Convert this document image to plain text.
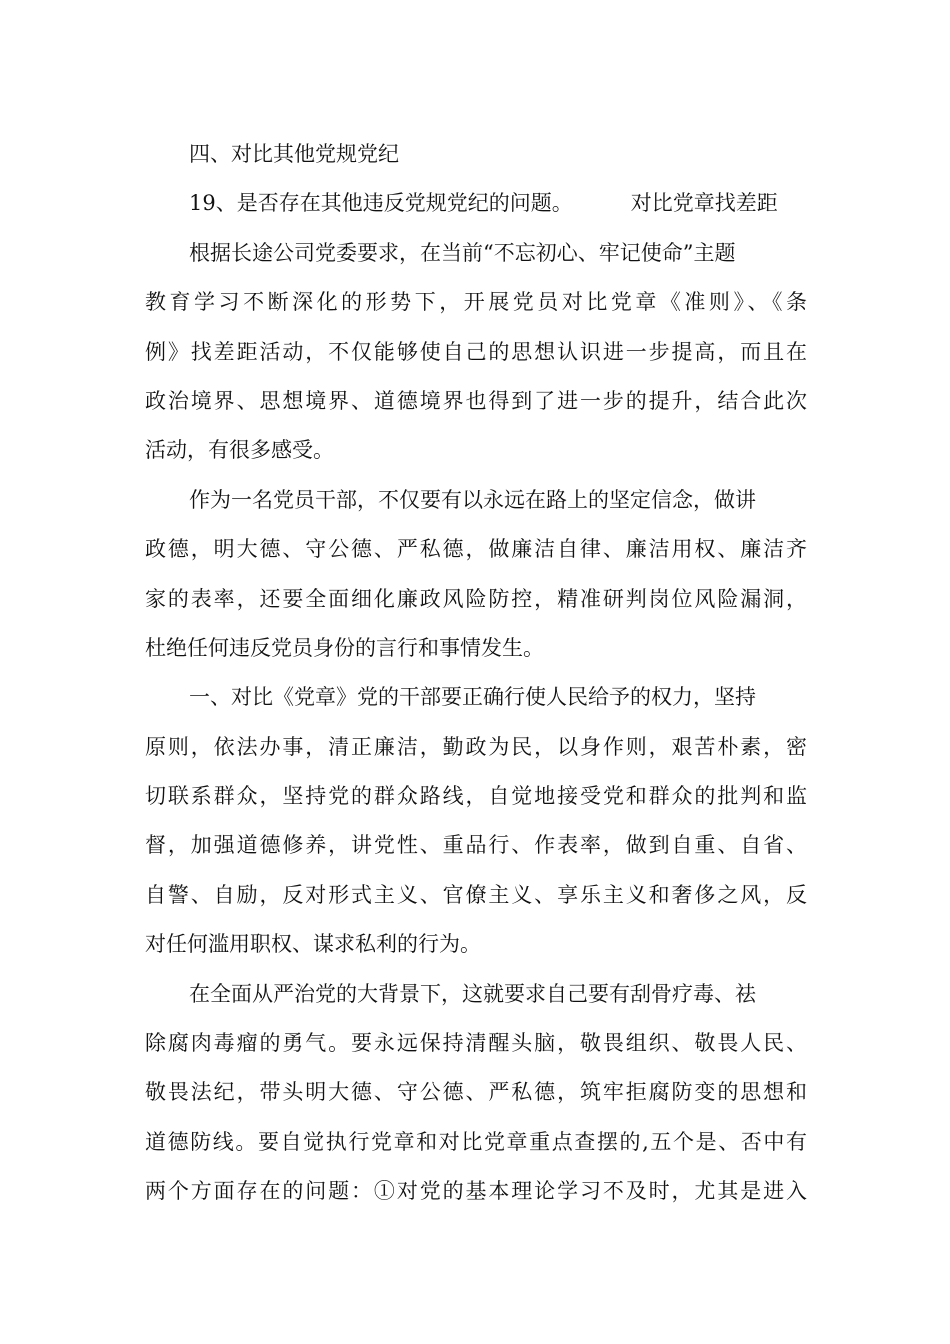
四、对比其他党规党纪
19、是否存在其他违反党规党纪的问题。	对比党章找差距
根据长途公司党委要求，在当前“不忘初心、牢记使命”主题
教育学习不断深化的形势下，开展党员对比党章《准则》、《条
例》找差距活动，不仅能够使自己的思想认识进一步提高，而且在
政治境界、思想境界、道德境界也得到了进一步的提升，结合此次
活动，有很多感受。
作为一名党员干部，不仅要有以永远在路上的坚定信念，做讲
政德，明大德、守公德、严私德，做廉洁自律、廉洁用权、廉洁齐
家的表率，还要全面细化廉政风险防控，精准研判岗位风险漏洞，
杜绝任何违反党员身份的言行和事情发生。
一、对比《党章》党的干部要正确行使人民给予的权力，坚持
原则，依法办事，清正廉洁，勤政为民，以身作则，艰苦朴素，密
切联系群众，坚持党的群众路线，自觉地接受党和群众的批判和监
督，加强道德修养，讲党性、重品行、作表率，做到自重、自省、
自警、自励，反对形式主义、官僚主义、享乐主义和奢侈之风，反
对任何滥用职权、谋求私利的行为。
在全面从严治党的大背景下，这就要求自己要有刮骨疗毒、祛
除腐肉毒瘤的勇气。要永远保持清醒头脑，敬畏组织、敬畏人民、
敬畏法纪，带头明大德、守公德、严私德，筑牢拒腐防变的思想和
道德防线。要自觉执行党章和对比党章重点查摆的,五个是、否中有
两个方面存在的问题：①对党的基本理论学习不及时，尤其是进入
